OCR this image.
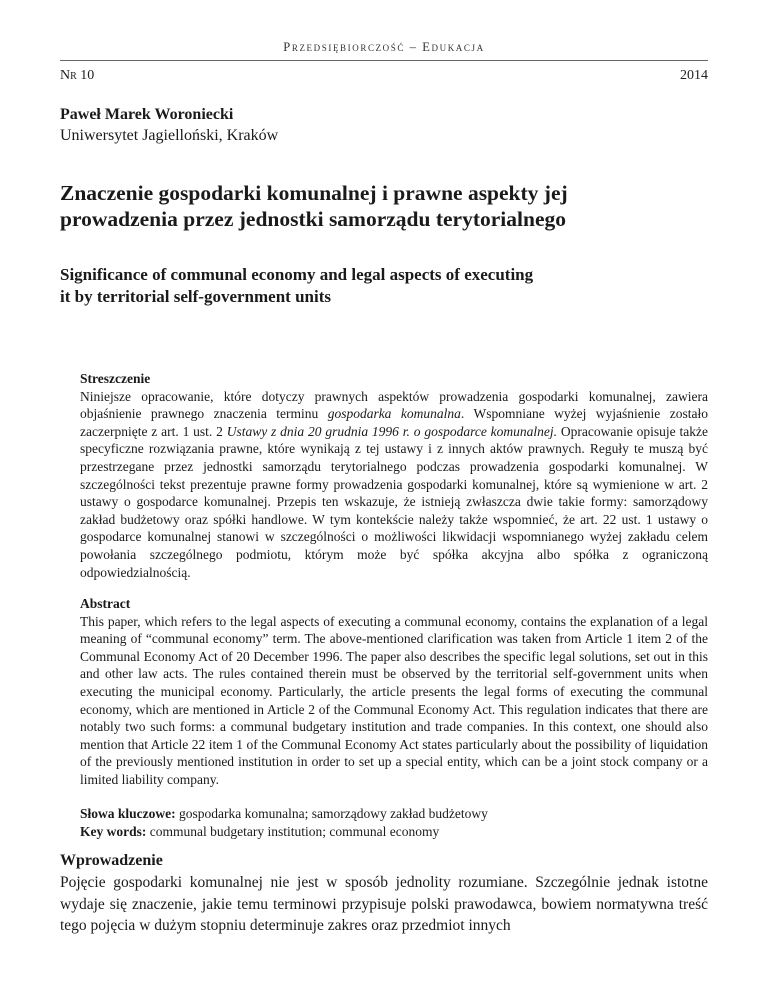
Przedsiębiorczość – Edukacja
Nr 10	2014
Paweł Marek Woroniecki
Uniwersytet Jagielloński, Kraków
Znaczenie gospodarki komunalnej i prawne aspekty jej
prowadzenia przez jednostki samorządu terytorialnego
Significance of communal economy and legal aspects of executing
it by territorial self-government units
Streszczenie
Niniejsze opracowanie, które dotyczy prawnych aspektów prowadzenia gospodarki komunalnej, zawiera objaśnienie prawnego znaczenia terminu gospodarka komunalna. Wspomniane wyżej wyjaśnienie zostało zaczerpnięte z art. 1 ust. 2 Ustawy z dnia 20 grudnia 1996 r. o gospodarce komunalnej. Opracowanie opisuje także specyficzne rozwiązania prawne, które wynikają z tej ustawy i z innych aktów prawnych. Reguły te muszą być przestrzegane przez jednostki samorządu terytorialnego podczas prowadzenia gospodarki komunalnej. W szczególności tekst prezentuje prawne formy prowadzenia gospodarki komunalnej, które są wymienione w art. 2 ustawy o gospodarce komunalnej. Przepis ten wskazuje, że istnieją zwłaszcza dwie takie formy: samorządowy zakład budżetowy oraz spółki handlowe. W tym kontekście należy także wspomnieć, że art. 22 ust. 1 ustawy o gospodarce komunalnej stanowi w szczególności o możliwości likwidacji wspomnianego wyżej zakładu celem powołania szczególnego podmiotu, którym może być spółka akcyjna albo spółka z ograniczoną odpowiedzialnością.
Abstract
This paper, which refers to the legal aspects of executing a communal economy, contains the explanation of a legal meaning of “communal economy” term. The above-mentioned clarification was taken from Article 1 item 2 of the Communal Economy Act of 20 December 1996. The paper also describes the specific legal solutions, set out in this and other law acts. The rules contained therein must be observed by the territorial self-government units when executing the municipal economy. Particularly, the article presents the legal forms of executing the communal economy, which are mentioned in Article 2 of the Communal Economy Act. This regulation indicates that there are notably two such forms: a communal budgetary institution and trade companies. In this context, one should also mention that Article 22 item 1 of the Communal Economy Act states particularly about the possibility of liquidation of the previously mentioned institution in order to set up a special entity, which can be a joint stock company or a limited liability company.
Słowa kluczowe: gospodarka komunalna; samorządowy zakład budżetowy
Key words: communal budgetary institution; communal economy
Wprowadzenie
Pojęcie gospodarki komunalnej nie jest w sposób jednolity rozumiane. Szczególnie jednak istotne wydaje się znaczenie, jakie temu terminowi przypisuje polski prawodawca, bowiem normatywna treść tego pojęcia w dużym stopniu determinuje zakres oraz przedmiot innych
